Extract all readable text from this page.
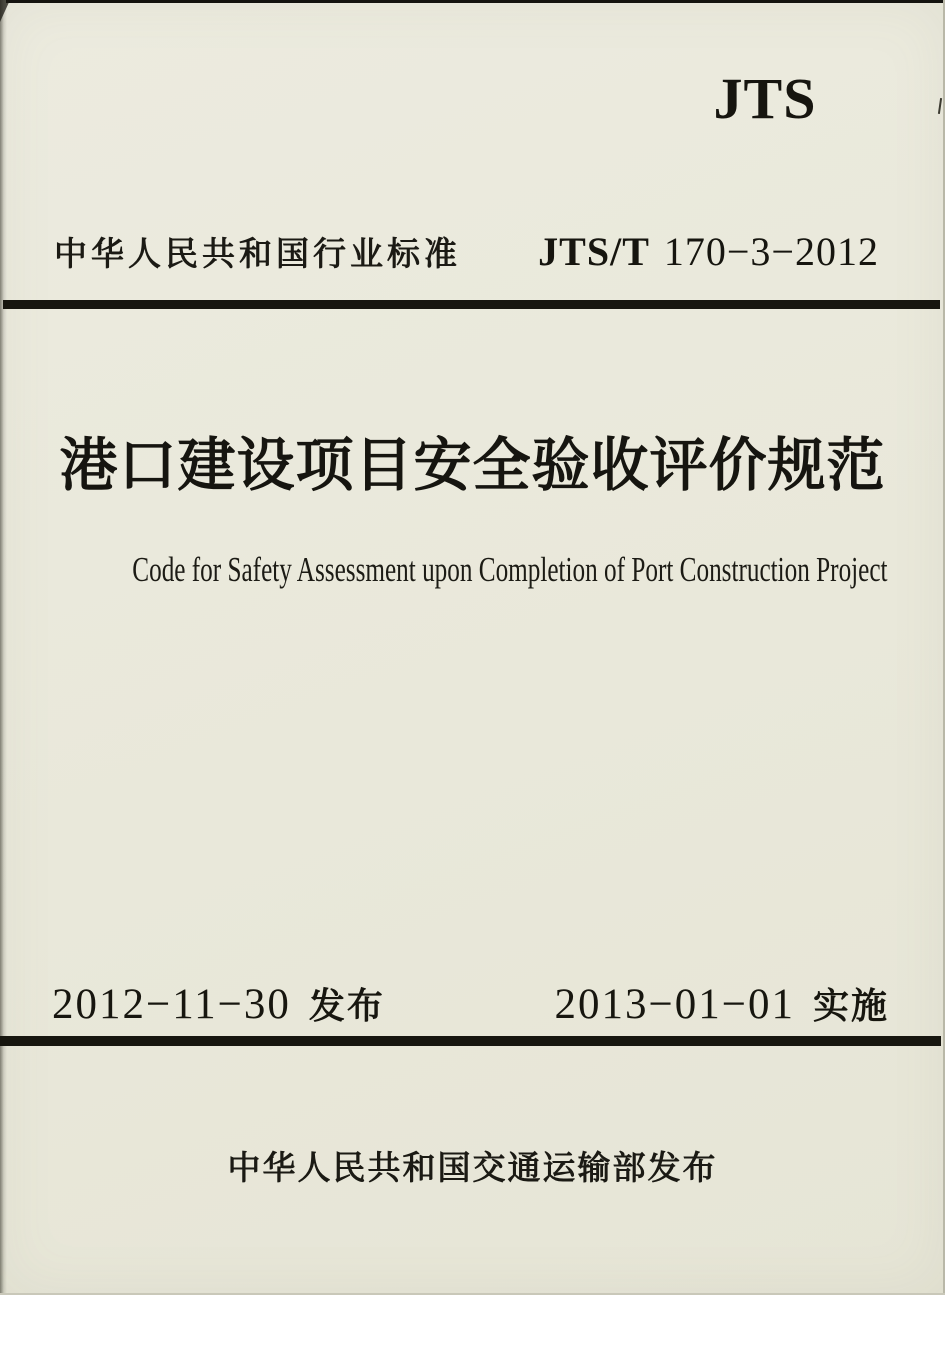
JTS
中华人民共和国行业标准 JTS/T 170−3−2012
港口建设项目安全验收评价规范
Code for Safety Assessment upon Completion of Port Construction Project
2012−11−30 发布	2013−01−01 实施
中华人民共和国交通运输部发布
